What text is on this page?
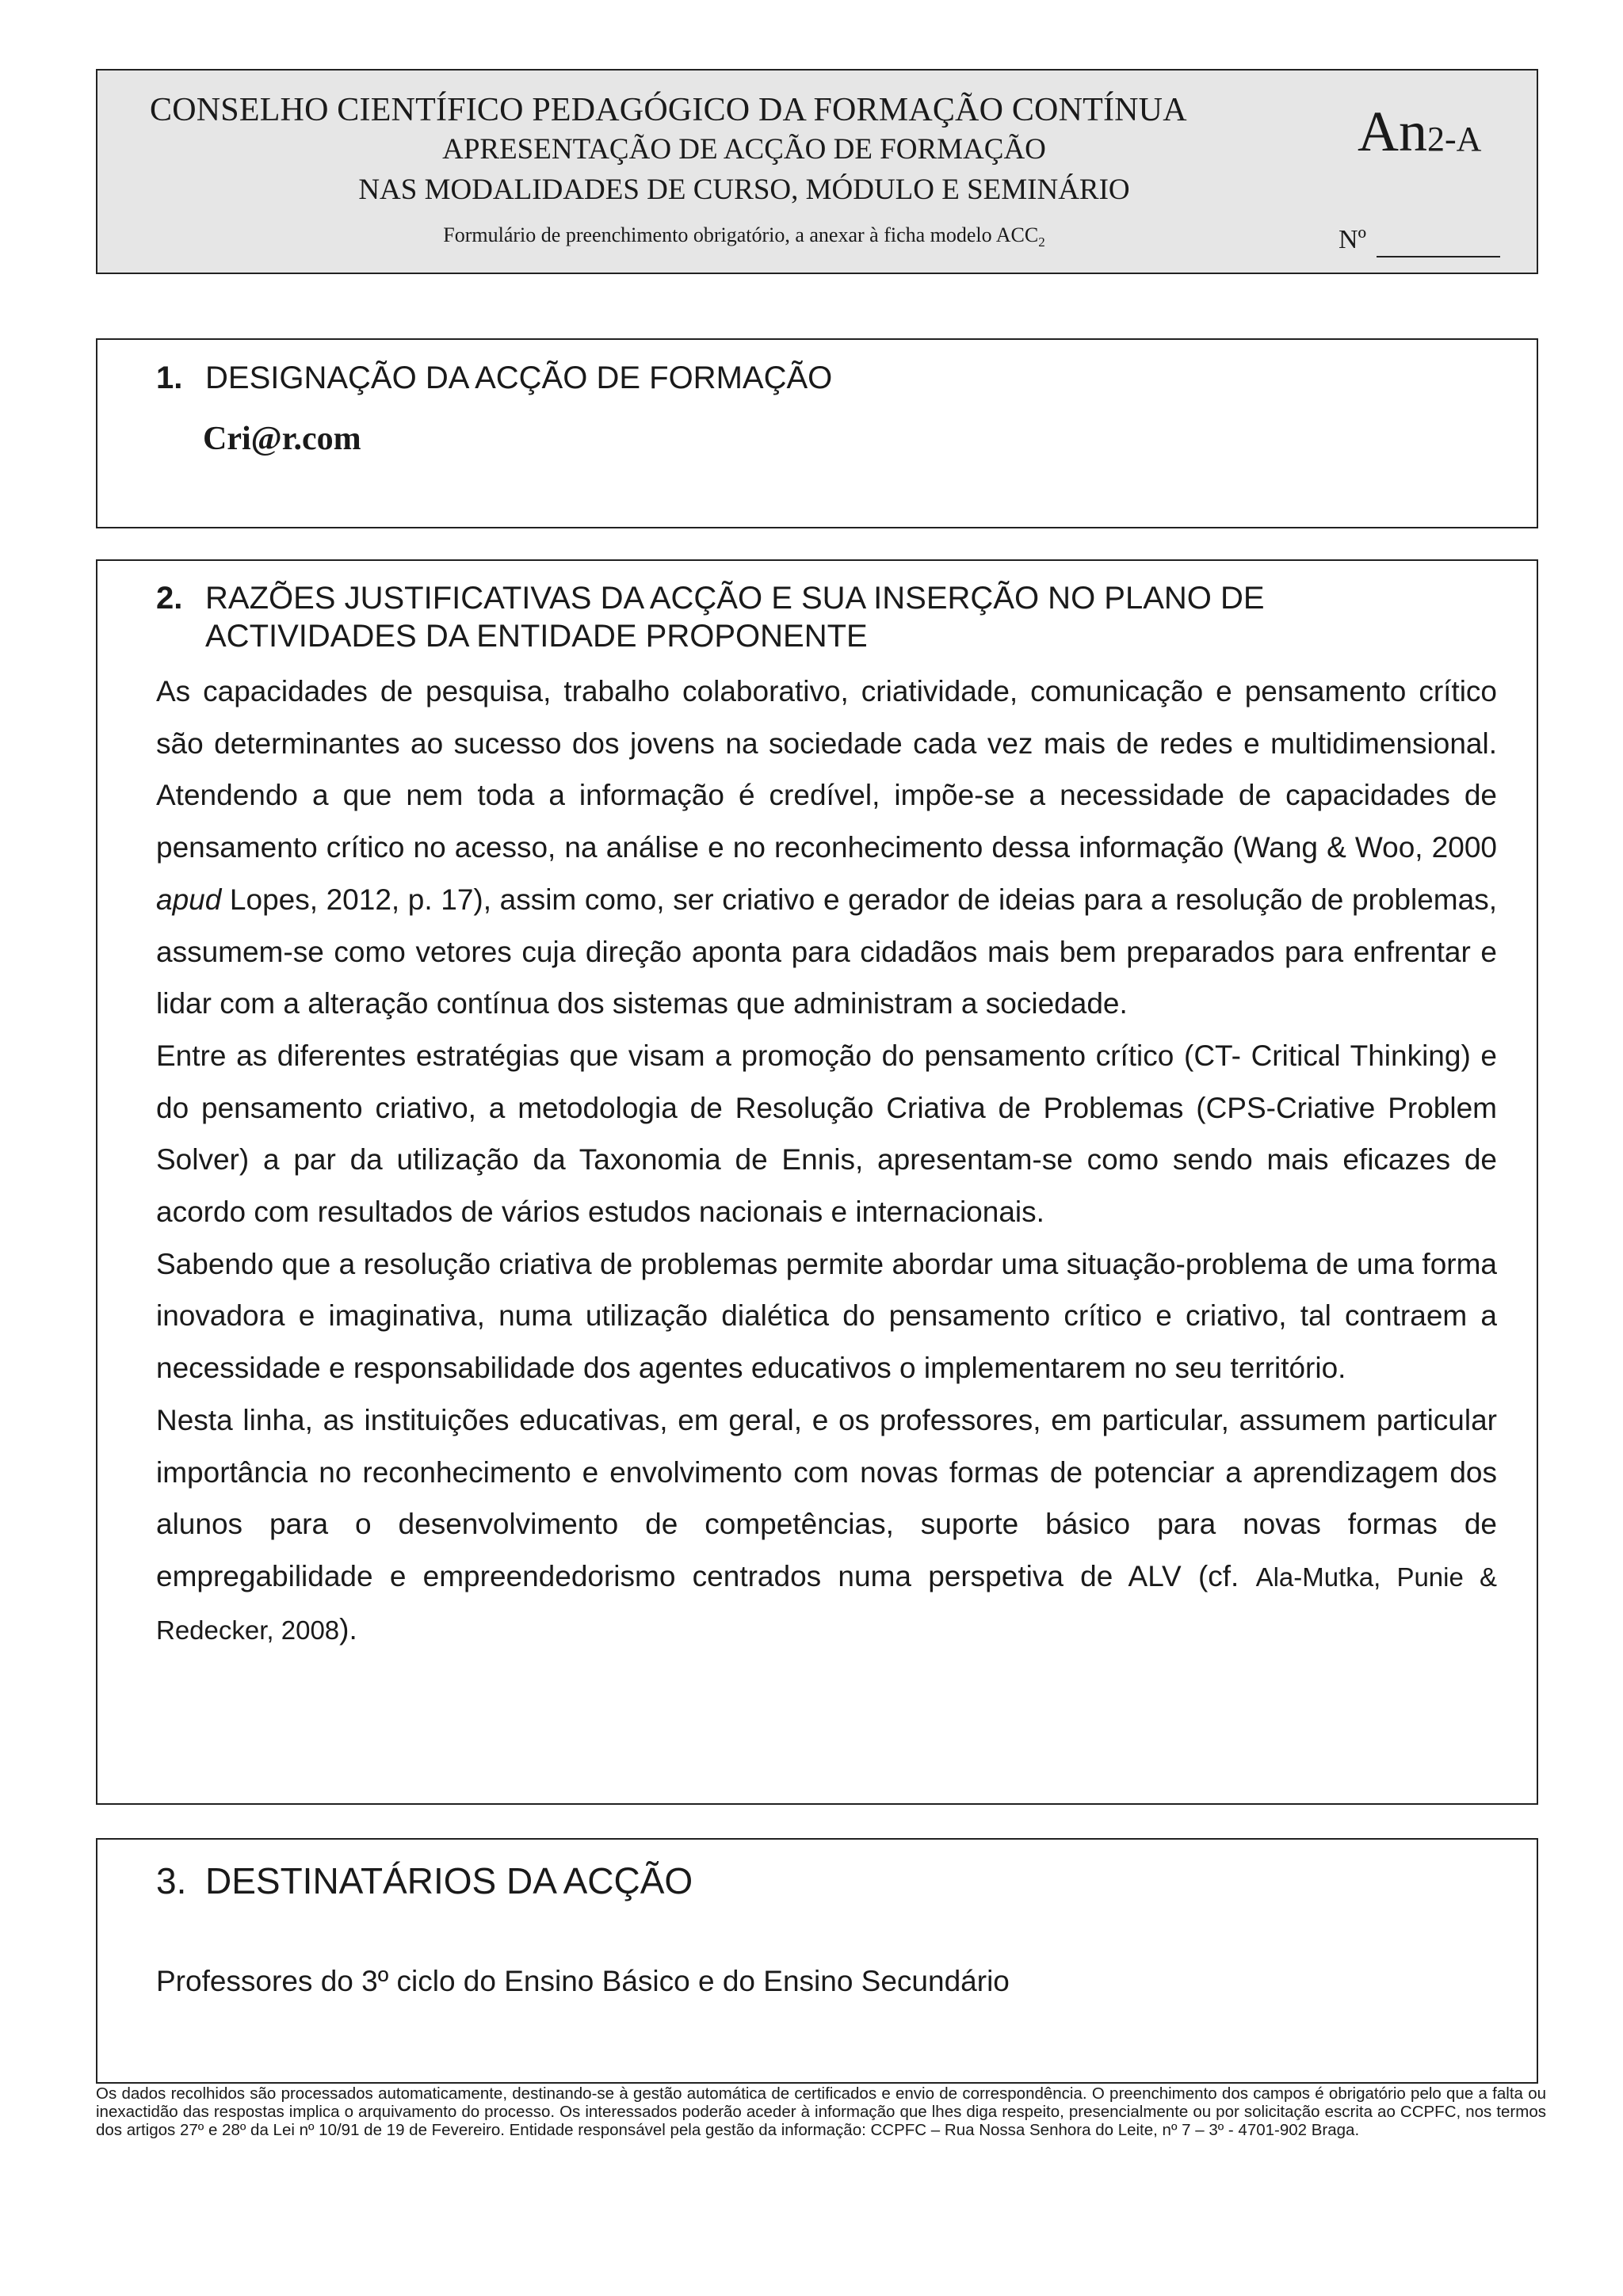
CONSELHO CIENTÍFICO PEDAGÓGICO DA FORMAÇÃO CONTÍNUA
APRESENTAÇÃO DE ACÇÃO DE FORMAÇÃO
NAS MODALIDADES DE CURSO, MÓDULO E SEMINÁRIO
Formulário de preenchimento obrigatório, a anexar à ficha modelo $ACC_2$
An2-A
Nº
1. DESIGNAÇÃO DA ACÇÃO DE FORMAÇÃO
Cri@r.com
2. RAZÕES JUSTIFICATIVAS DA ACÇÃO E SUA INSERÇÃO NO PLANO DE
ACTIVIDADES DA ENTIDADE PROPONENTE

As capacidades de pesquisa, trabalho colaborativo, criatividade, comunicação e pensamento crítico são determinantes ao sucesso dos jovens na sociedade cada vez mais de redes e multidimensional. Atendendo a que nem toda a informação é credível, impõe-se a necessidade de capacidades de pensamento crítico no acesso, na análise e no reconhecimento dessa informação (Wang & Woo, 2000 apud Lopes, 2012, p. 17), assim como, ser criativo e gerador de ideias para a resolução de problemas, assumem-se como vetores cuja direção aponta para cidadãos mais bem preparados para enfrentar e lidar com a alteração contínua dos sistemas que administram a sociedade.

Entre as diferentes estratégias que visam a promoção do pensamento crítico (CT- Critical Thinking) e do pensamento criativo, a metodologia de Resolução Criativa de Problemas (CPS-Criative Problem Solver) a par da utilização da Taxonomia de Ennis, apresentam-se como sendo mais eficazes de acordo com resultados de vários estudos nacionais e internacionais.

Sabendo que a resolução criativa de problemas permite abordar uma situação-problema de uma forma inovadora e imaginativa, numa utilização dialética do pensamento crítico e criativo, tal contraem a necessidade e responsabilidade dos agentes educativos o implementarem no seu território.

Nesta linha, as instituições educativas, em geral, e os professores, em particular, assumem particular importância no reconhecimento e envolvimento com novas formas de potenciar a aprendizagem dos alunos para o desenvolvimento de competências, suporte básico para novas formas de empregabilidade e empreendedorismo centrados numa perspetiva de ALV (cf. Ala-Mutka, Punie & Redecker, 2008).

3. DESTINATÁRIOS DA ACÇÃO
Professores do 3º ciclo do Ensino Básico e do Ensino Secundário
Os dados recolhidos são processados automaticamente, destinando-se à gestão automática de certificados e envio de correspondência. O preenchimento dos campos é obrigatório pelo que a falta ou inexactidão das respostas implica o arquivamento do processo. Os interessados poderão aceder à informação que lhes diga respeito, presencialmente ou por solicitação escrita ao CCPFC, nos termos dos artigos 27º e 28º da Lei nº 10/91 de 19 de Fevereiro. Entidade responsável pela gestão da informação: CCPFC – Rua Nossa Senhora do Leite, nº 7 – 3º - 4701-902 Braga.
